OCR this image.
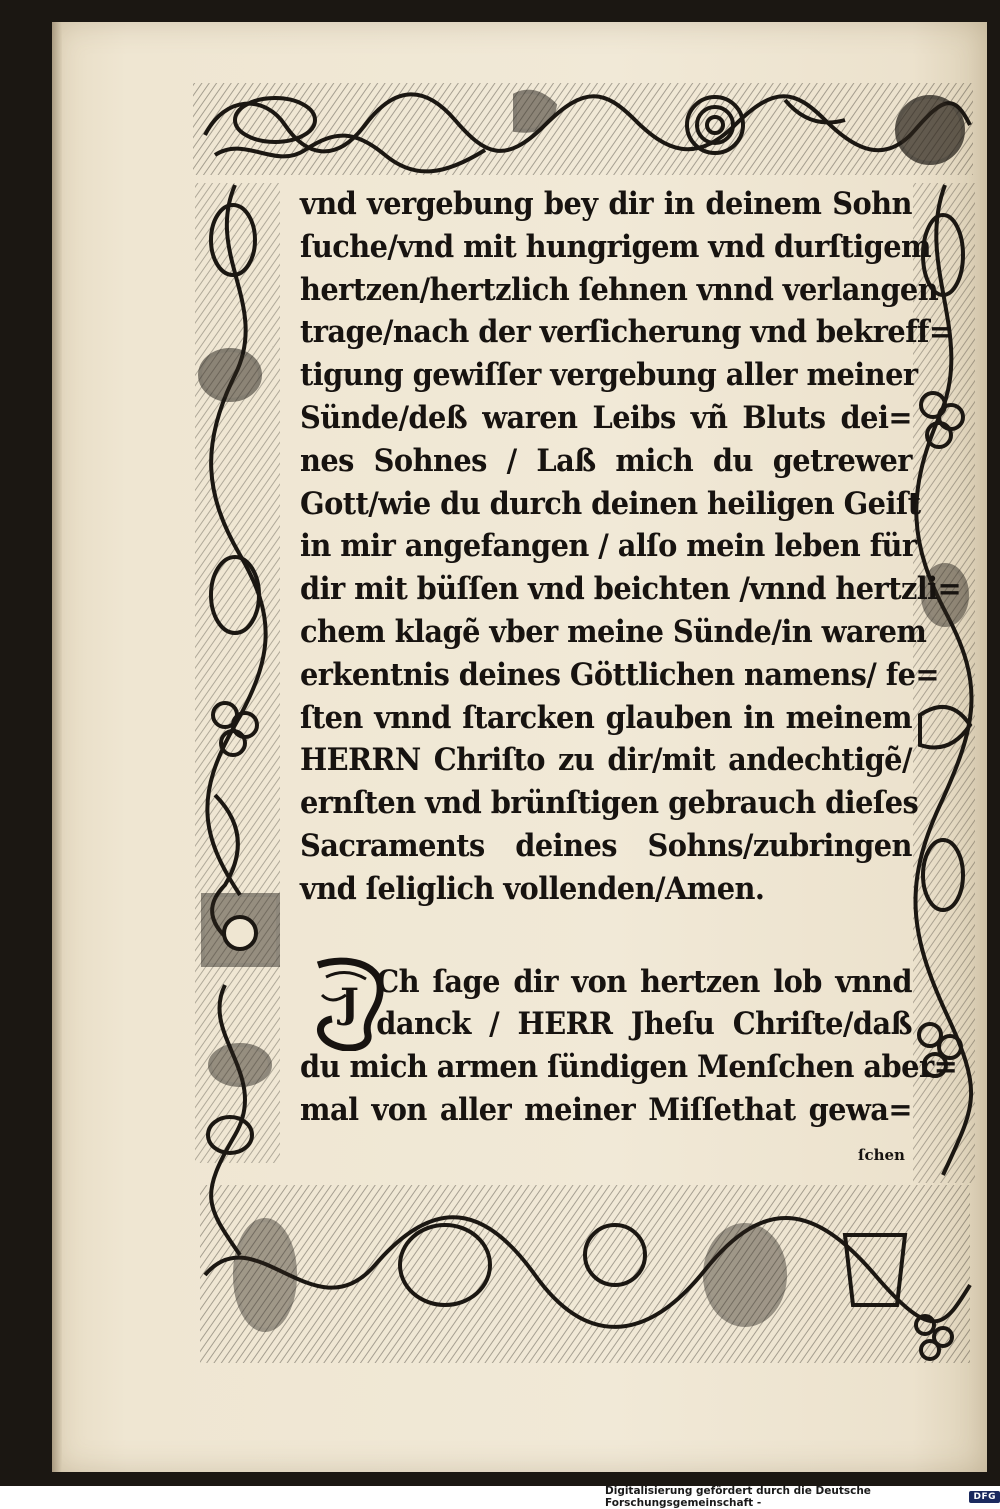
vnd vergebung bey dir in deinem Sohn
ſuche/vnd mit hungrigem vnd durſtigem
hertzen/hertzlich ſehnen vnnd verlangen
trage/nach der verſicherung vnd bekreff=
tigung gewiſſer vergebung aller meiner
Sünde/deß waren Leibs vñ Bluts dei=
nes Sohnes / Laß mich du getrewer
Gott/wie du durch deinen heiligen Geiſt
in mir angefangen / alſo mein leben für
dir mit büſſen vnd beichten /vnnd hertzli=
chem klagẽ vber meine Sünde/in warem
erkentnis deines Göttlichen namens/ fe=
ſten vnnd ſtarcken glauben in meinem
HERRN Chriſto zu dir/mit andechtigẽ/
ernſten vnd brünſtigen gebrauch dieſes
Sacraments deines Sohns/zubringen
vnd ſeliglich vollenden/Amen.
J Ch ſage dir von hertzen lob vnnd
danck / HERR Jheſu Chriſte/daß
du mich armen ſündigen Menſchen aber=
mal von aller meiner Miſſethat gewa=
ſchen
Digitalisierung gefördert durch die Deutsche Forschungsgemeinschaft -	DFG
